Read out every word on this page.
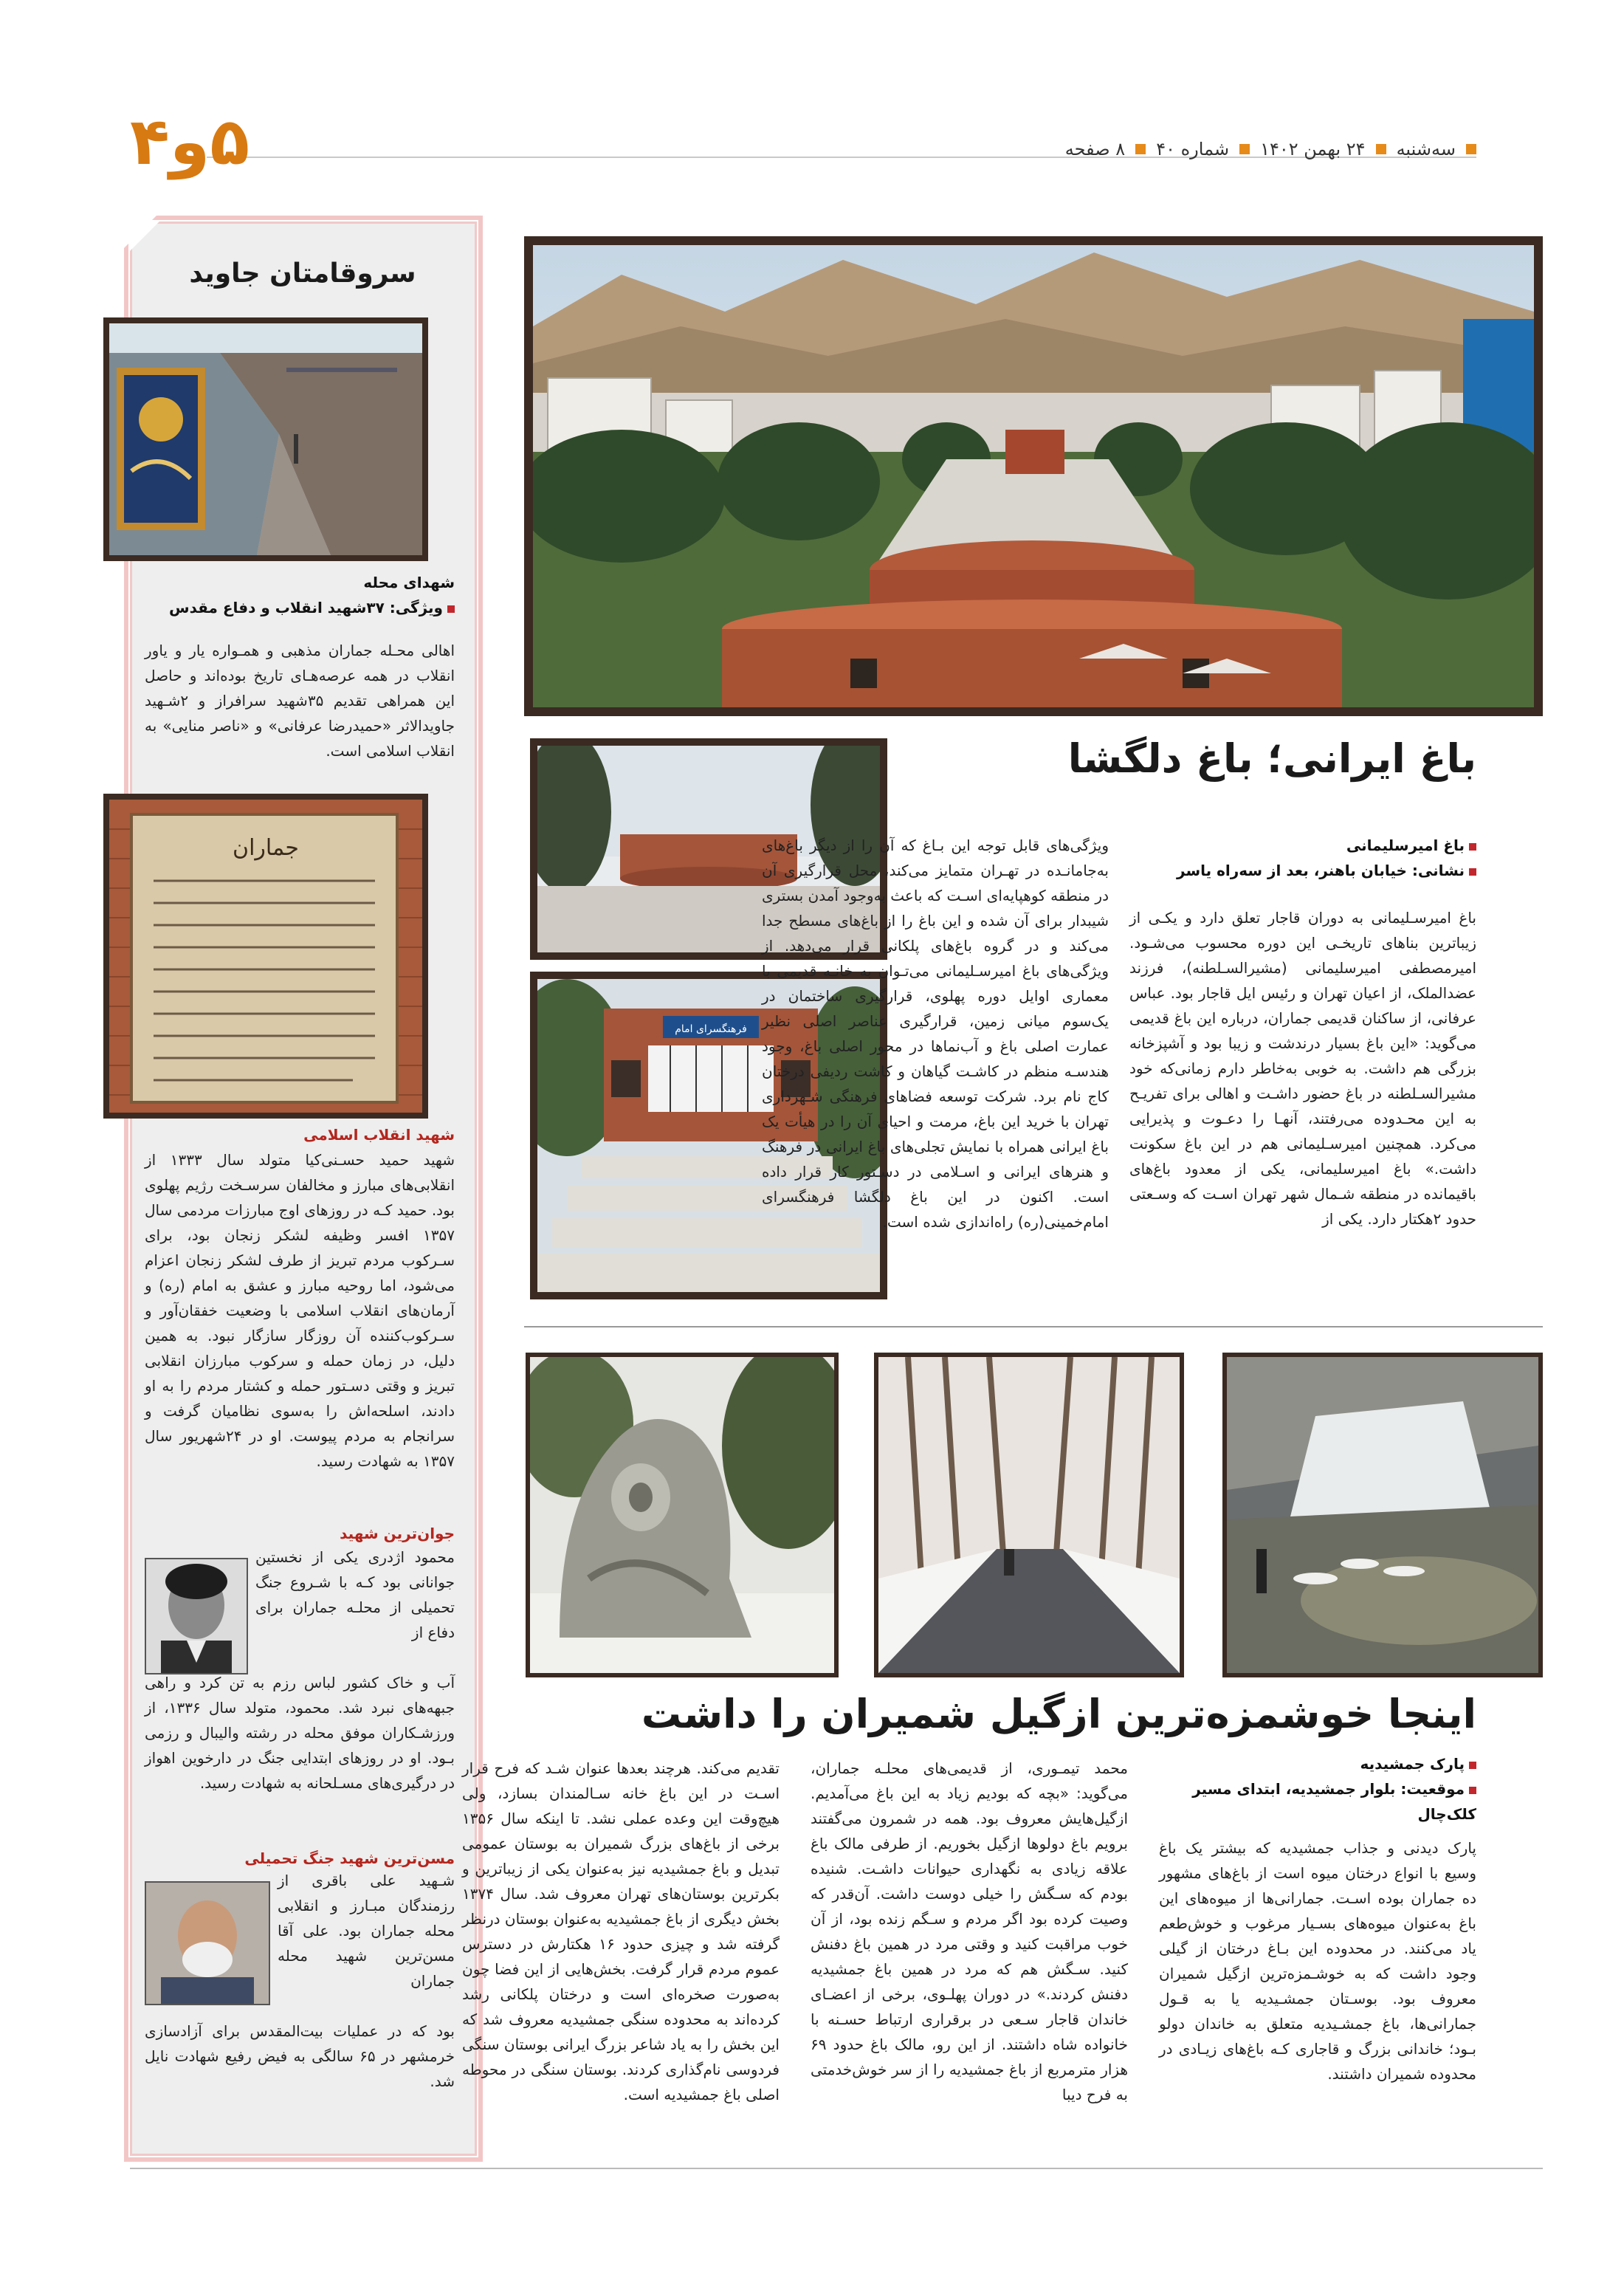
سه‌شنبه
۲۴ بهمن ۱۴۰۲
شماره ۴۰
۸ صفحه
۵و۴
سروقامتان جاوید
شهدای محله
ویژگی: ۳۷شهید انقلاب و دفاع مقدس
اهالی محـله جماران مذهبی و همـواره یار و یاور انقلاب در همه عرصه‌هـای تاریخ بوده‌اند و حاصل این همراهی تقدیم ۳۵شهید سرافراز و ۲شـهید جاویدالاثر «حمیدرضا عرفانی» و «ناصر منایی» به انقلاب اسلامی است.
جماران
شهید انقلاب اسلامی
شهید حمید حسـنی‌کیا متولد سال ۱۳۳۳ از انقلابی‌های مبارز و مخالفان سرسـخت رژیم پهلوی بود. حمید کـه در روزهای اوج مبارزات مردمی سال ۱۳۵۷ افسر وظیفه لشکر زنجان بود، برای سـرکوب مردم تبریز از طرف لشکر زنجان اعزام می‌شود، اما روحیه مبارز و عشق به امام (ره) و آرمان‌های انقلاب اسلامی با وضعیت خفقان‌آور و سـرکوب‌کننده آن روزگار سازگار نبود. به همین دلیل، در زمان حمله و سرکوب مبارزان انقلابی تبریز و وقتی دسـتور حمله و کشتار مردم را به او دادند، اسلحه‌اش را به‌سوی نظامیان گرفت و سرانجام به مردم پیوست. او در ۲۴شهریور سال ۱۳۵۷ به شهادت رسید.
جوان‌ترین شهید
محمود اژدری یکی از نخستین جوانانی بود کـه با شـروع جنگ تحمیلی از محلـه جماران برای دفاع از
آب و خاک کشور لباس رزم به تن کرد و راهی جبهه‌های نبرد شد. محمود، متولد سال ۱۳۳۶، از ورزشـکاران موفق محله در رشته والیبال و رزمی بـود. او در روزهای ابتدایی جنگ در دارخوین اهواز در درگیری‌های مسـلحانه به شهادت رسید.
مسن‌ترین شهید جنگ تحمیلی
شـهید علی باقری از رزمندگان مبـارز و انقلابی محله جماران بود. علی آقا مسن‌ترین شهید محله جماران
بود که در عملیات بیت‌المقدس برای آزادسازی خرمشهر در ۶۵ سالگی به فیض رفیع شهادت نایل شد.
باغ ایرانی؛ باغ دلگشا
فرهنگسرای امام
باغ امیرسلیمانی
نشانی: خیابان باهنر، بعد از سه‌راه یاسر
باغ امیرسـلیمانی به دوران قاجار تعلق دارد و یکـی از زیباترین بناهای تاریخـی این دوره محسوب می‌شـود. امیرمصطفی امیرسلیمانی (مشیرالسـلطنه)، فرزند عضدالملک، از اعیان تهران و رئیس ایل قاجار بود. عباس عرفانی، از ساکنان قدیمی جماران، درباره این باغ قدیمی می‌گوید: «این باغ بسیار درندشت و زیبا بود و آشپزخانه بزرگی هم داشت. به خوبی به‌خاطر دارم زمانی‌که خود مشیرالسـلطنه در باغ حضور داشـت و اهالی برای تفریـح به این محـدوده می‌رفتند، آنهـا را دعـوت و پذیرایی می‌کرد. همچنین امیرسـلیمانی هم در این باغ سکونت داشت.» باغ امیرسلیمانی، یکی از معدود باغ‌های باقیمانده در منطقه شـمال شهر تهران اسـت که وسـعتی حدود ۲هکتار دارد. یکی از
ویژگی‌های قابل توجه این بـاغ که آن را از دیگر باغ‌های به‌جامانـده در تهـران متمایز می‌کند، محل قرارگیری آن در منطقه کوهپایه‌ای اسـت که باعث به‌وجود آمدن بستری شیبدار برای آن شده و این باغ را از باغ‌های مسطح جدا می‌کند و در گروه باغ‌های پلکانی قرار می‌دهد. از ویژگی‌های باغ امیرسـلیمانی می‌تـوان به خانـه قدیمی با معماری اوایل دوره پهلوی، قرارگیری ساختمان در یک‌سوم میانی زمین، قرارگیری عناصر اصلی نظیر عمارت اصلی باغ و آب‌نماها در محور اصلی باغ، وجود هندسـه منظم در کاشـت گیاهان و کاشت ردیفی درختان کاج نام برد. شرکت توسعه فضاهای فرهنگی شـهرداری تهران با خرید این باغ، مرمت و احیای آن را در هیأت یک باغ ایرانی همراه با نمایش تجلی‌های باغ ایرانی در فرهنگ و هنرهای ایرانی و اسـلامی در دسـتور کار قرار داده است. اکنون در این باغ دلگشا فرهنگسرای امام‌خمینی(ره) راه‌اندازی شده است.
اینجا خوشمزه‌ترین ازگیل شمیران را داشت
پارک جمشیدیه
موقعیت: بلوار جمشیدیه، ابتدای مسیر کلک‌چال
پارک دیدنی و جذاب جمشیدیه که بیشتر یک باغ وسیع با انواع درختان میوه است از باغ‌های مشهور ده جماران بوده اسـت. جمارانی‌ها از میوه‌های این باغ به‌عنوان میوه‌های بسـیار مرغوب و خوش‌طعم یاد می‌کنند. در محدوده این بـاغ درختان از گیلی وجود داشت که به خوشـمزه‌ترین ازگیل شمیران معروف بود. بوسـتان جمشـیدیه یا به قـول جمارانی‌ها، باغ جمشـیدیه متعلق به خاندان دولو بـود؛ خاندانی بزرگ و قاجاری کـه باغ‌های زیـادی در محدوده شمیران داشتند.
محمد تیمـوری، از قدیمی‌های محلـه جماران، می‌گوید: «بچه که بودیم زیاد به این باغ می‌آمدیم. ازگیل‌هایش معروف بود. همه در شمرون می‌گفتند برویم باغ دولوها ازگیل بخوریم. از طرفی مالک باغ علاقه زیادی به نگهداری حیوانات داشـت. شنیده بودم که سـگش را خیلی دوست داشت. آن‌قدر که وصیت کرده بود اگر مردم و سـگم زنده بود، از آن خوب مراقبت کنید و وقتی مرد در همین باغ دفنش کنید. سـگش هم که مرد در همین باغ جمشیدیه دفنش کردند.» در دوران پهلـوی، برخی از اعضـای خاندان قاجار سـعی در برقراری ارتباط حسـنه با خانواده شاه داشتند. از این رو، مالک باغ حدود ۶۹ هزار مترمربع از باغ جمشیدیه را از سر خوش‌خدمتی به فرح دیبا
تقدیم می‌کند. هرچند بعدها عنوان شـد که فرح قرار اسـت در این باغ خانه سـالمندان بسازد، ولی هیچ‌وقت این وعده عملی نشد. تا اینکه سال ۱۳۵۶ برخی از باغ‌های بزرگ شمیران به بوستان عمومی تبدیل و باغ جمشیدیه نیز به‌عنوان یکی از زیباترین و بکرترین بوستان‌های تهران معروف شد. سال ۱۳۷۴ بخش دیگری از باغ جمشیدیه به‌عنوان بوستان درنظر گرفته شد و چیزی حدود ۱۶ هکتارش در دسترس عموم مردم قرار گرفت. بخش‌هایی از این فضا چون به‌صورت صخره‌ای است و درختان پلکانی رشد کرده‌اند به محدوده سنگی جمشیدیه معروف شد که این بخش را به یاد شاعر بزرگ ایرانی بوستان سنگی فردوسی نام‌گذاری کردند. بوستان سنگی در محوطه اصلی باغ جمشیدیه است.
